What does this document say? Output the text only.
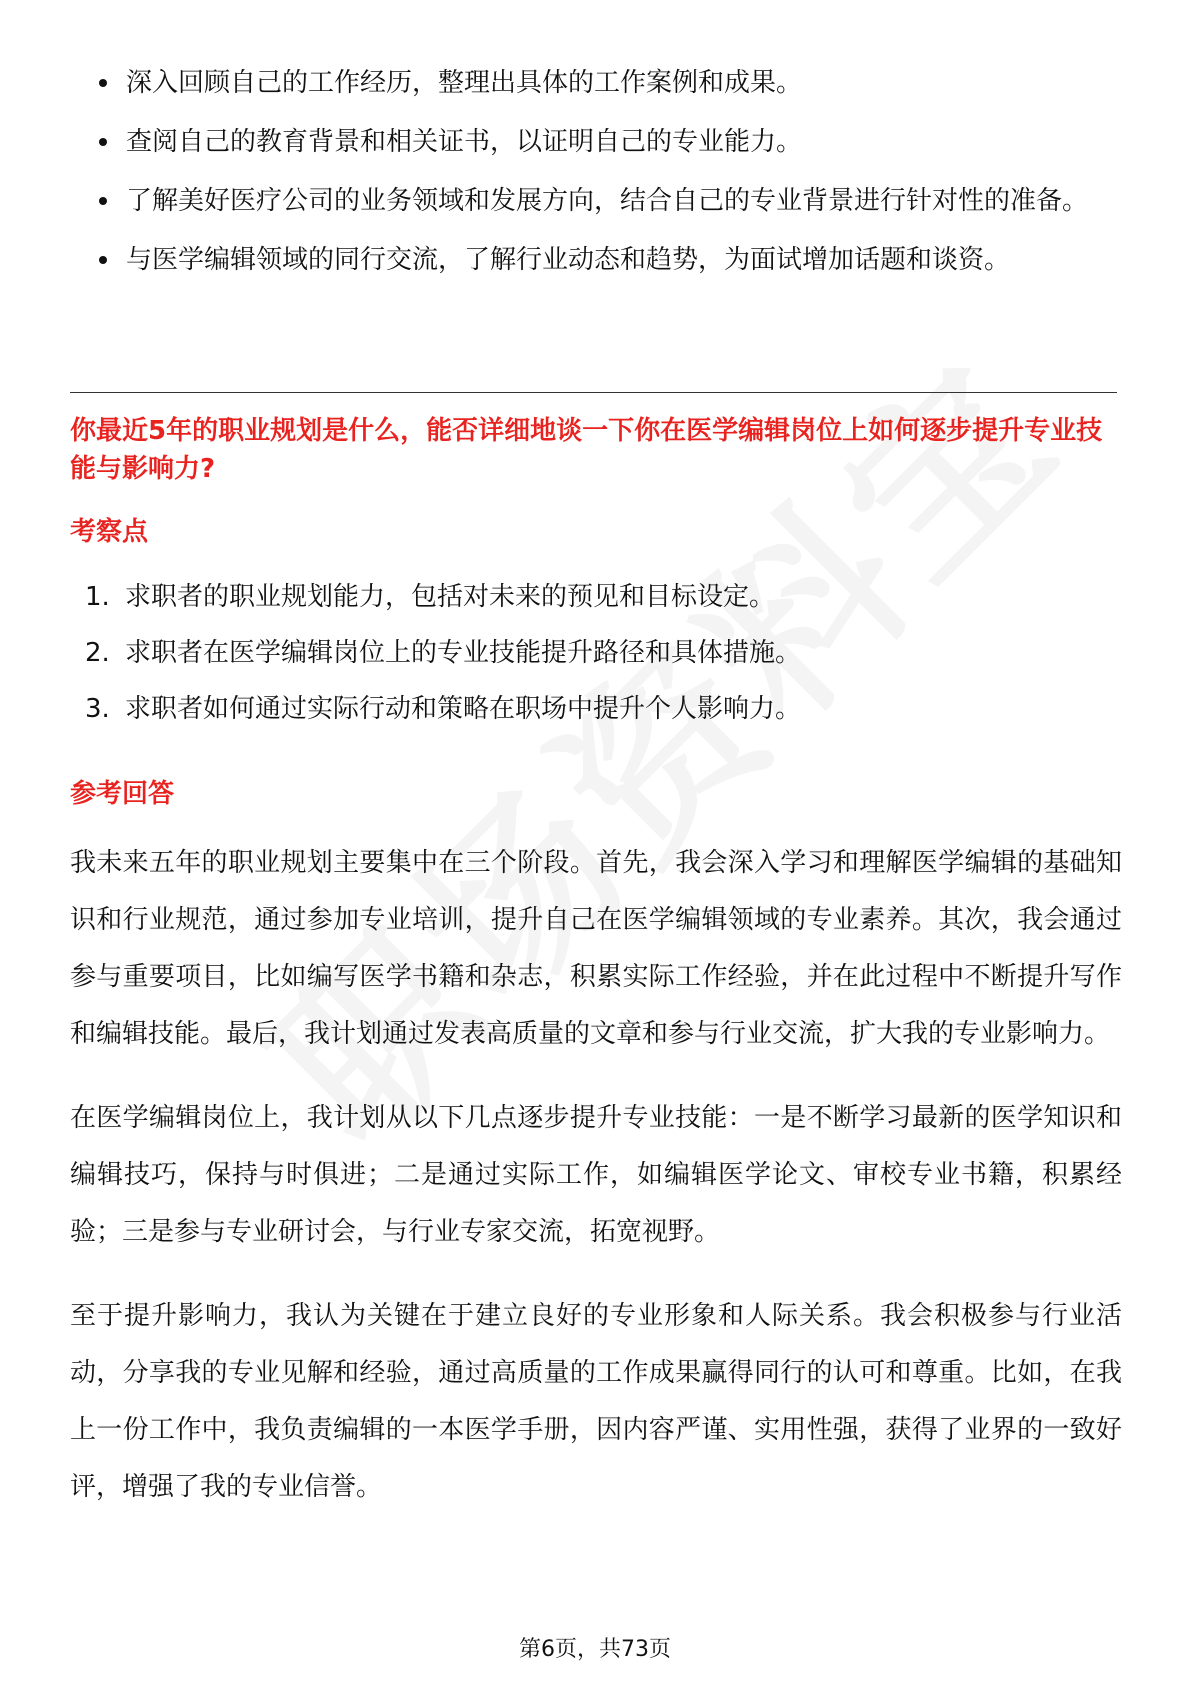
深入回顾自己的工作经历，整理出具体的工作案例和成果。
查阅自己的教育背景和相关证书，以证明自己的专业能力。
了解美好医疗公司的业务领域和发展方向，结合自己的专业背景进行针对性的准备。
与医学编辑领域的同行交流，了解行业动态和趋势，为面试增加话题和谈资。
你最近5年的职业规划是什么，能否详细地谈一下你在医学编辑岗位上如何逐步提升专业技能与影响力?
考察点
1. 求职者的职业规划能力，包括对未来的预见和目标设定。
2. 求职者在医学编辑岗位上的专业技能提升路径和具体措施。
3. 求职者如何通过实际行动和策略在职场中提升个人影响力。
参考回答

我未来五年的职业规划主要集中在三个阶段。首先，我会深入学习和理解医学编辑的基础知识和行业规范，通过参加专业培训，提升自己在医学编辑领域的专业素养。其次，我会通过参与重要项目，比如编写医学书籍和杂志，积累实际工作经验，并在此过程中不断提升写作和编辑技能。最后，我计划通过发表高质量的文章和参与行业交流，扩大我的专业影响力。

在医学编辑岗位上，我计划从以下几点逐步提升专业技能：一是不断学习最新的医学知识和编辑技巧，保持与时俱进；二是通过实际工作，如编辑医学论文、审校专业书籍，积累经验；三是参与专业研讨会，与行业专家交流，拓宽视野。

至于提升影响力，我认为关键在于建立良好的专业形象和人际关系。我会积极参与行业活动，分享我的专业见解和经验，通过高质量的工作成果赢得同行的认可和尊重。比如，在我上一份工作中，我负责编辑的一本医学手册，因内容严谨、实用性强，获得了业界的一致好评，增强了我的专业信誉。

第6页，共73页
